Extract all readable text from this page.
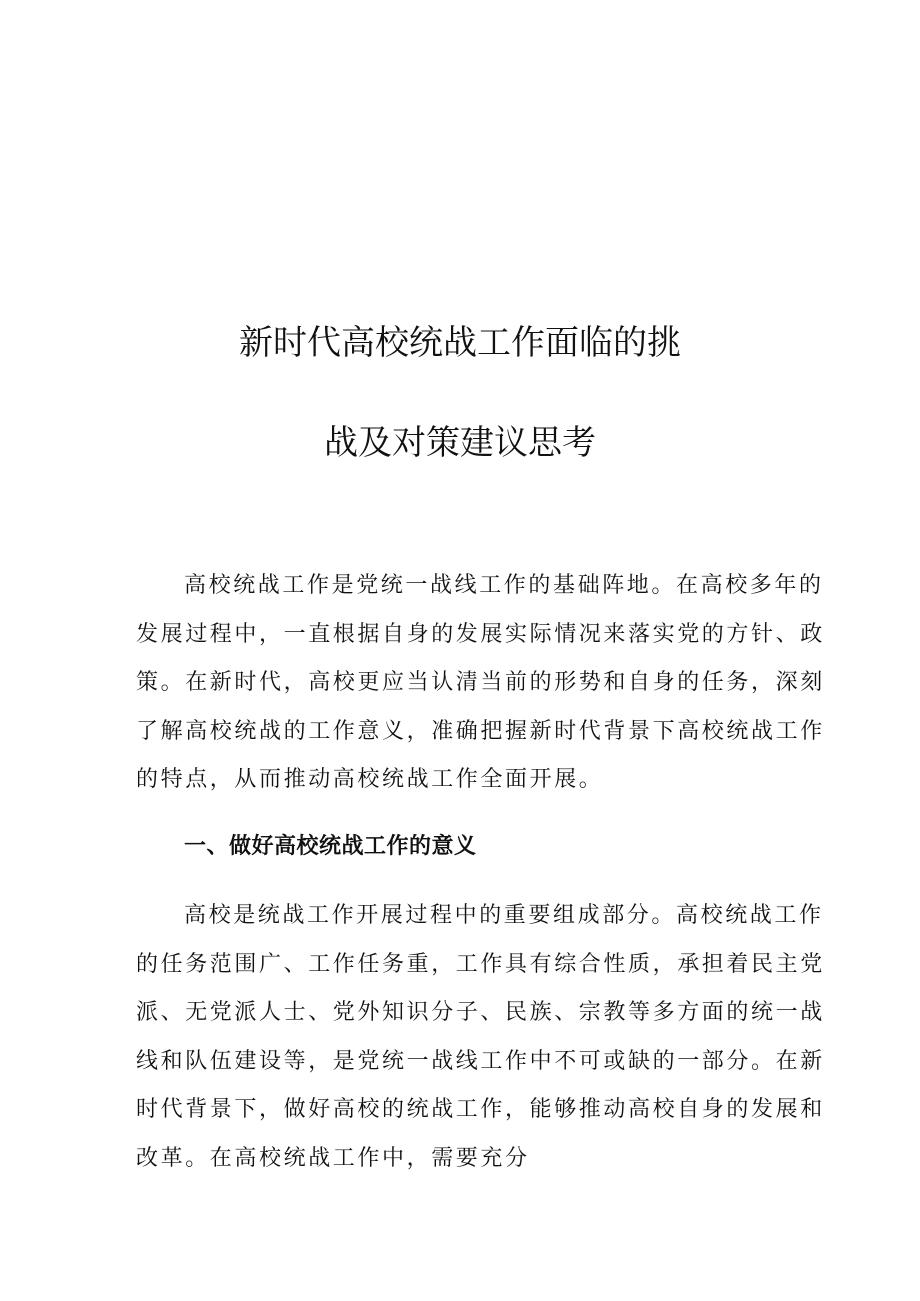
新时代高校统战工作面临的挑
战及对策建议思考
高校统战工作是党统一战线工作的基础阵地。在高校多年的
发展过程中，一直根据自身的发展实际情况来落实党的方针、政
策。在新时代，高校更应当认清当前的形势和自身的任务，深刻
了解高校统战的工作意义，准确把握新时代背景下高校统战工作
的特点，从而推动高校统战工作全面开展。
一、做好高校统战工作的意义
高校是统战工作开展过程中的重要组成部分。高校统战工作
的任务范围广、工作任务重，工作具有综合性质，承担着民主党
派、无党派人士、党外知识分子、民族、宗教等多方面的统一战
线和队伍建设等，是党统一战线工作中不可或缺的一部分。在新
时代背景下，做好高校的统战工作，能够推动高校自身的发展和
改革。在高校统战工作中，需要充分
